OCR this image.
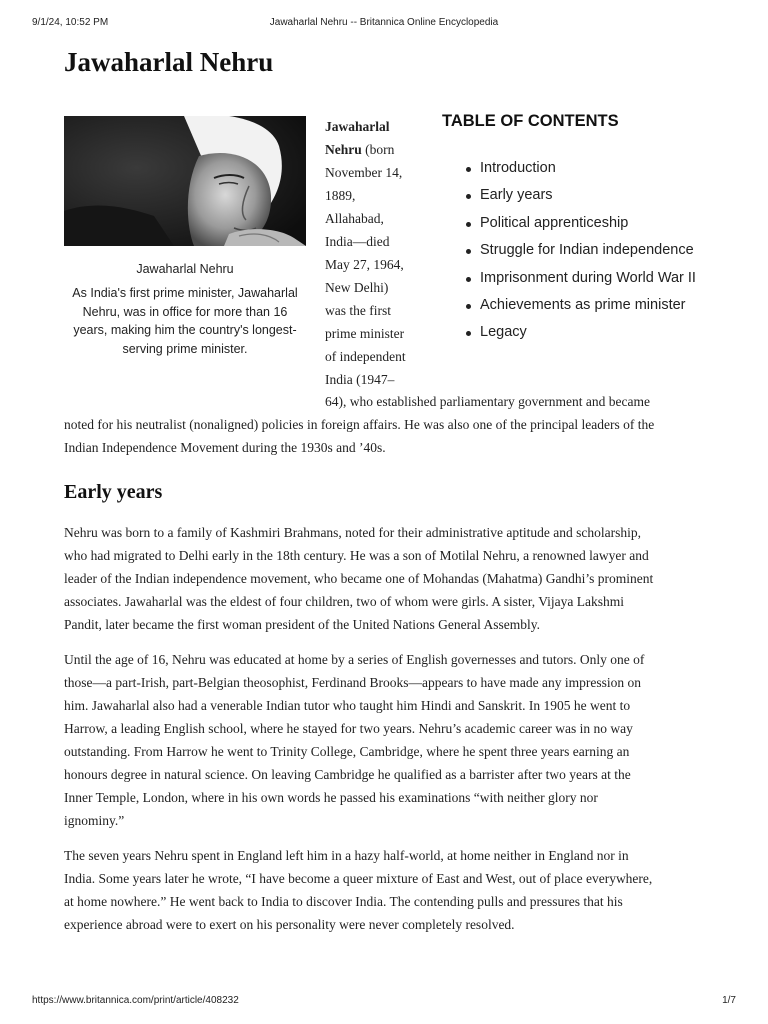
9/1/24, 10:52 PM	Jawaharlal Nehru -- Britannica Online Encyclopedia
Jawaharlal Nehru

Jawaharlal Nehru

As India's first prime minister, Jawaharlal Nehru, was in office for more than 16 years, making him the country's longest-serving prime minister.

Jawaharlal
Nehru (born
November 14,
1889,
Allahabad,
India—died
May 27, 1964,
New Delhi)
was the first
prime minister
of independent
India (1947–
TABLE OF CONTENTS
Introduction
Early years
Political apprenticeship
Struggle for Indian independence
Imprisonment during World War II
Achievements as prime minister
Legacy
64), who established parliamentary government and became
noted for his neutralist (nonaligned) policies in foreign affairs. He was also one of the principal leaders of the
Indian Independence Movement during the 1930s and ’40s.
Early years
Nehru was born to a family of Kashmiri Brahmans, noted for their administrative aptitude and scholarship,
who had migrated to Delhi early in the 18th century. He was a son of Motilal Nehru, a renowned lawyer and
leader of the Indian independence movement, who became one of Mohandas (Mahatma) Gandhi’s prominent
associates. Jawaharlal was the eldest of four children, two of whom were girls. A sister, Vijaya Lakshmi
Pandit, later became the first woman president of the United Nations General Assembly.
Until the age of 16, Nehru was educated at home by a series of English governesses and tutors. Only one of
those—a part-Irish, part-Belgian theosophist, Ferdinand Brooks—appears to have made any impression on
him. Jawaharlal also had a venerable Indian tutor who taught him Hindi and Sanskrit. In 1905 he went to
Harrow, a leading English school, where he stayed for two years. Nehru’s academic career was in no way
outstanding. From Harrow he went to Trinity College, Cambridge, where he spent three years earning an
honours degree in natural science. On leaving Cambridge he qualified as a barrister after two years at the
Inner Temple, London, where in his own words he passed his examinations “with neither glory nor
ignominy.”
The seven years Nehru spent in England left him in a hazy half-world, at home neither in England nor in
India. Some years later he wrote, “I have become a queer mixture of East and West, out of place everywhere,
at home nowhere.” He went back to India to discover India. The contending pulls and pressures that his
experience abroad were to exert on his personality were never completely resolved.
https://www.britannica.com/print/article/408232	1/7
